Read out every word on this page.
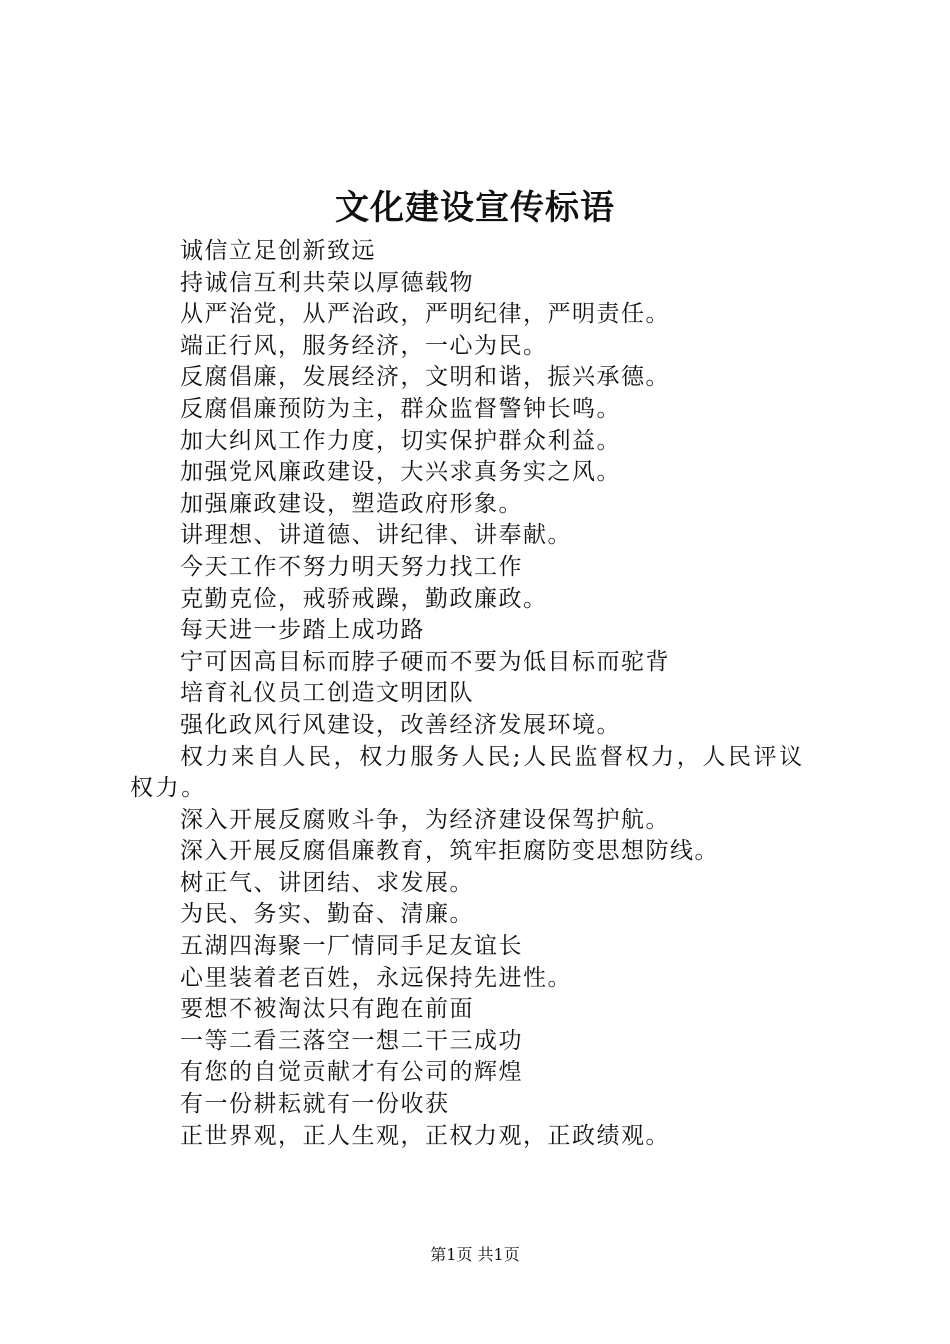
文化建设宣传标语
诚信立足创新致远
持诚信互利共荣以厚德载物
从严治党，从严治政，严明纪律，严明责任。
端正行风，服务经济，一心为民。
反腐倡廉，发展经济，文明和谐，振兴承德。
反腐倡廉预防为主，群众监督警钟长鸣。
加大纠风工作力度，切实保护群众利益。
加强党风廉政建设，大兴求真务实之风。
加强廉政建设，塑造政府形象。
讲理想、讲道德、讲纪律、讲奉献。
今天工作不努力明天努力找工作
克勤克俭，戒骄戒躁，勤政廉政。
每天进一步踏上成功路
宁可因高目标而脖子硬而不要为低目标而驼背
培育礼仪员工创造文明团队
强化政风行风建设，改善经济发展环境。
权力来自人民，权力服务人民;人民监督权力，人民评议权力。
深入开展反腐败斗争，为经济建设保驾护航。
深入开展反腐倡廉教育，筑牢拒腐防变思想防线。
树正气、讲团结、求发展。
为民、务实、勤奋、清廉。
五湖四海聚一厂情同手足友谊长
心里装着老百姓，永远保持先进性。
要想不被淘汰只有跑在前面
一等二看三落空一想二干三成功
有您的自觉贡献才有公司的辉煌
有一份耕耘就有一份收获
正世界观，正人生观，正权力观，正政绩观。
第1页 共1页
